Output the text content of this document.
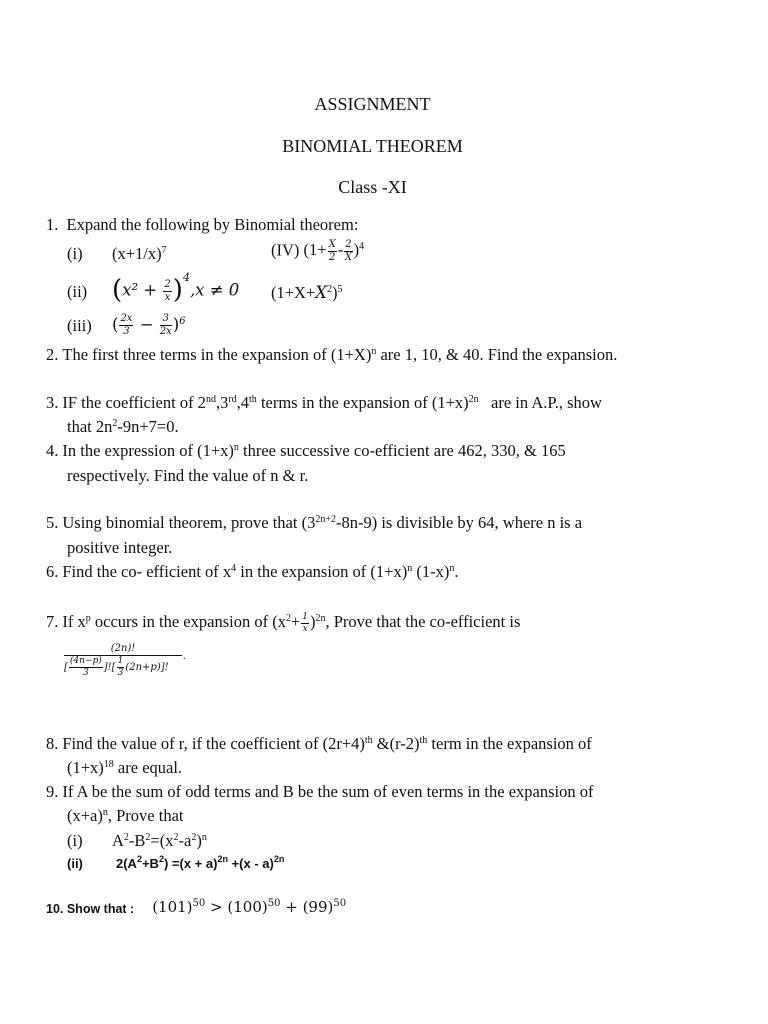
ASSIGNMENT
BINOMIAL THEOREM
Class -XI
1. Expand the following by Binomial theorem:
(i) $(x+1/x)^7$	(IV) $(1+ \frac{X}{2} - \frac{2}{X} )^4$
(ii) $(x^2 + \frac{2}{x} )^4,x \ne 0$ $(1+X+X^2)^5$
(iii) ( $\frac{2x}{3} - \frac{3}{2x} )^6$
2. The first three terms in the expansion of $(1+X)^n$ are 1, 10, & 40. Find the expansion.
3. IF the coefficient of 2nd,3rd,4th terms in the expansion of $(1+x)^{2n}$   are in A.P., show
that $2n^2-9n+7=0$.
4. In the expression of $(1+x)^n$ three successive co-efficient are 462, 330, & 165
respectively. Find the value of n & r.
5. Using binomial theorem, prove that $(3^{2n+2}-8n-9)$ is divisible by 64, where n is a
positive integer.
6. Find the co- efficient of $x^4$ in the expansion of $(1+x)^n$ $(1-x)^n$.
7. If $x^p$ occurs in the expansion of $(x^2+ \frac{1}{x} )^{2n}$, Prove that the co-efficient is
(2n)!
[ $\frac{(4n-p)}{3}$ ]![ $\frac{1}{3} (2n+p)$]!
.
8. Find the value of r, if the coefficient of $(2r+4)^{th}$ $\&(r-2)^{th}$ term in the expansion of
$(1+x)^{18}$ are equal.
9. If A be the sum of odd terms and B be the sum of even terms in the expansion of
$(x+a)^n$, Prove that
(i) $A^2-B^2=(x^2-a^2)^n$
(ii)	$2(A^2+B^2) =(x + a)^{2n} +(x - a)^{2n}$
10. Show that : $(101)^{50} > (100)^{50} + (99)^{50}$
